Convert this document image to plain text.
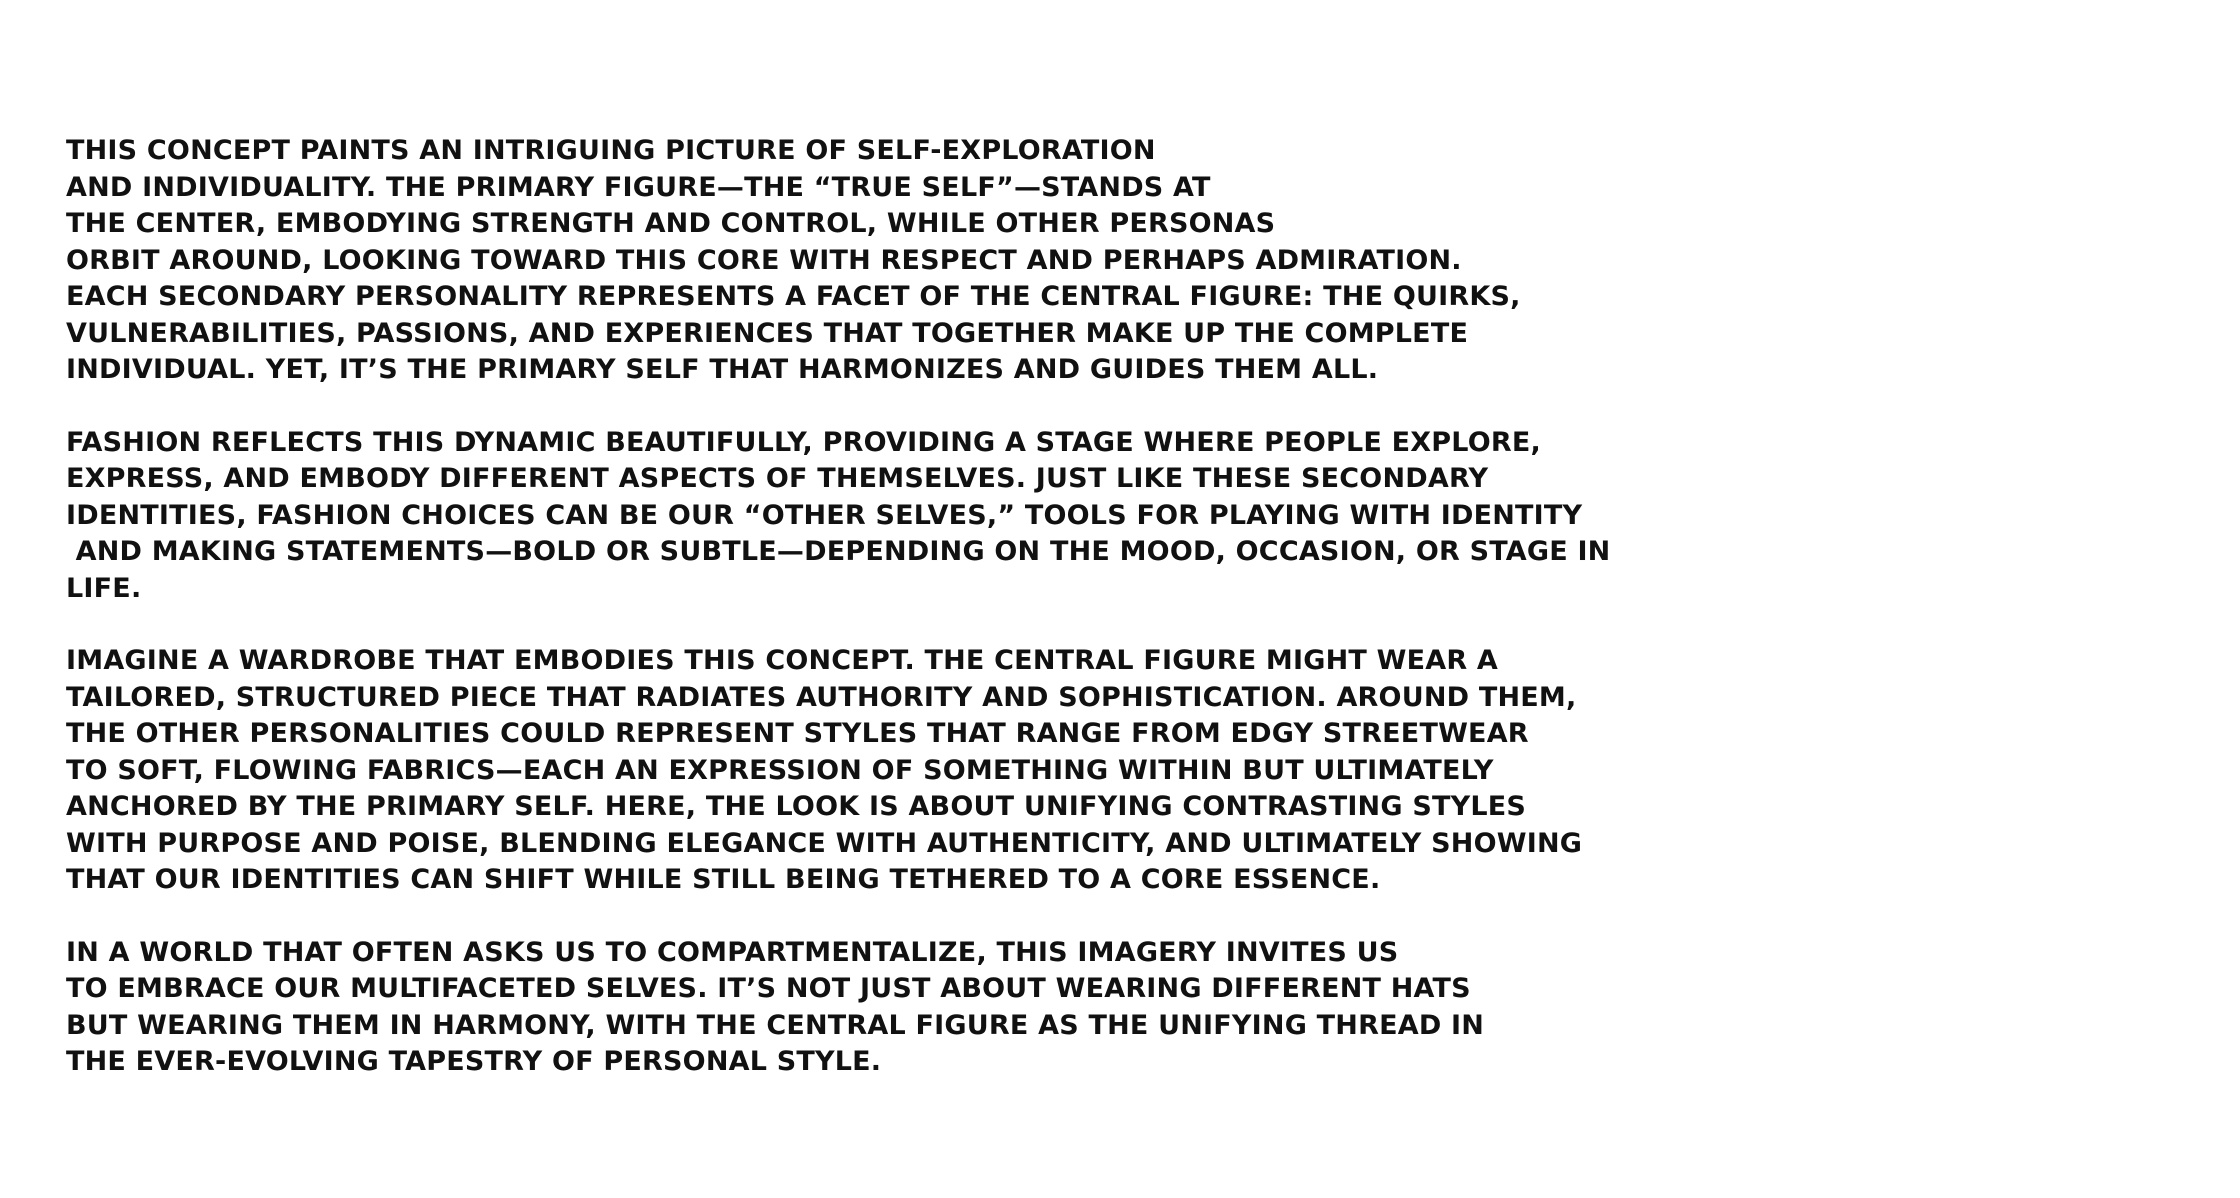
THIS CONCEPT PAINTS AN INTRIGUING PICTURE OF SELF-EXPLORATION
AND INDIVIDUALITY. THE PRIMARY FIGURE—THE “TRUE SELF”—STANDS AT
THE CENTER, EMBODYING STRENGTH AND CONTROL, WHILE OTHER PERSONAS
ORBIT AROUND, LOOKING TOWARD THIS CORE WITH RESPECT AND PERHAPS ADMIRATION.
EACH SECONDARY PERSONALITY REPRESENTS A FACET OF THE CENTRAL FIGURE: THE QUIRKS,
VULNERABILITIES, PASSIONS, AND EXPERIENCES THAT TOGETHER MAKE UP THE COMPLETE
INDIVIDUAL. YET, IT’S THE PRIMARY SELF THAT HARMONIZES AND GUIDES THEM ALL.
FASHION REFLECTS THIS DYNAMIC BEAUTIFULLY, PROVIDING A STAGE WHERE PEOPLE EXPLORE,
EXPRESS, AND EMBODY DIFFERENT ASPECTS OF THEMSELVES. JUST LIKE THESE SECONDARY
IDENTITIES, FASHION CHOICES CAN BE OUR “OTHER SELVES,” TOOLS FOR PLAYING WITH IDENTITY
AND MAKING STATEMENTS—BOLD OR SUBTLE—DEPENDING ON THE MOOD, OCCASION, OR STAGE IN
LIFE.
IMAGINE A WARDROBE THAT EMBODIES THIS CONCEPT. THE CENTRAL FIGURE MIGHT WEAR A
TAILORED, STRUCTURED PIECE THAT RADIATES AUTHORITY AND SOPHISTICATION. AROUND THEM,
THE OTHER PERSONALITIES COULD REPRESENT STYLES THAT RANGE FROM EDGY STREETWEAR
TO SOFT, FLOWING FABRICS—EACH AN EXPRESSION OF SOMETHING WITHIN BUT ULTIMATELY
ANCHORED BY THE PRIMARY SELF. HERE, THE LOOK IS ABOUT UNIFYING CONTRASTING STYLES
WITH PURPOSE AND POISE, BLENDING ELEGANCE WITH AUTHENTICITY, AND ULTIMATELY SHOWING
THAT OUR IDENTITIES CAN SHIFT WHILE STILL BEING TETHERED TO A CORE ESSENCE.
IN A WORLD THAT OFTEN ASKS US TO COMPARTMENTALIZE, THIS IMAGERY INVITES US
TO EMBRACE OUR MULTIFACETED SELVES. IT’S NOT JUST ABOUT WEARING DIFFERENT HATS
BUT WEARING THEM IN HARMONY, WITH THE CENTRAL FIGURE AS THE UNIFYING THREAD IN
THE EVER-EVOLVING TAPESTRY OF PERSONAL STYLE.
